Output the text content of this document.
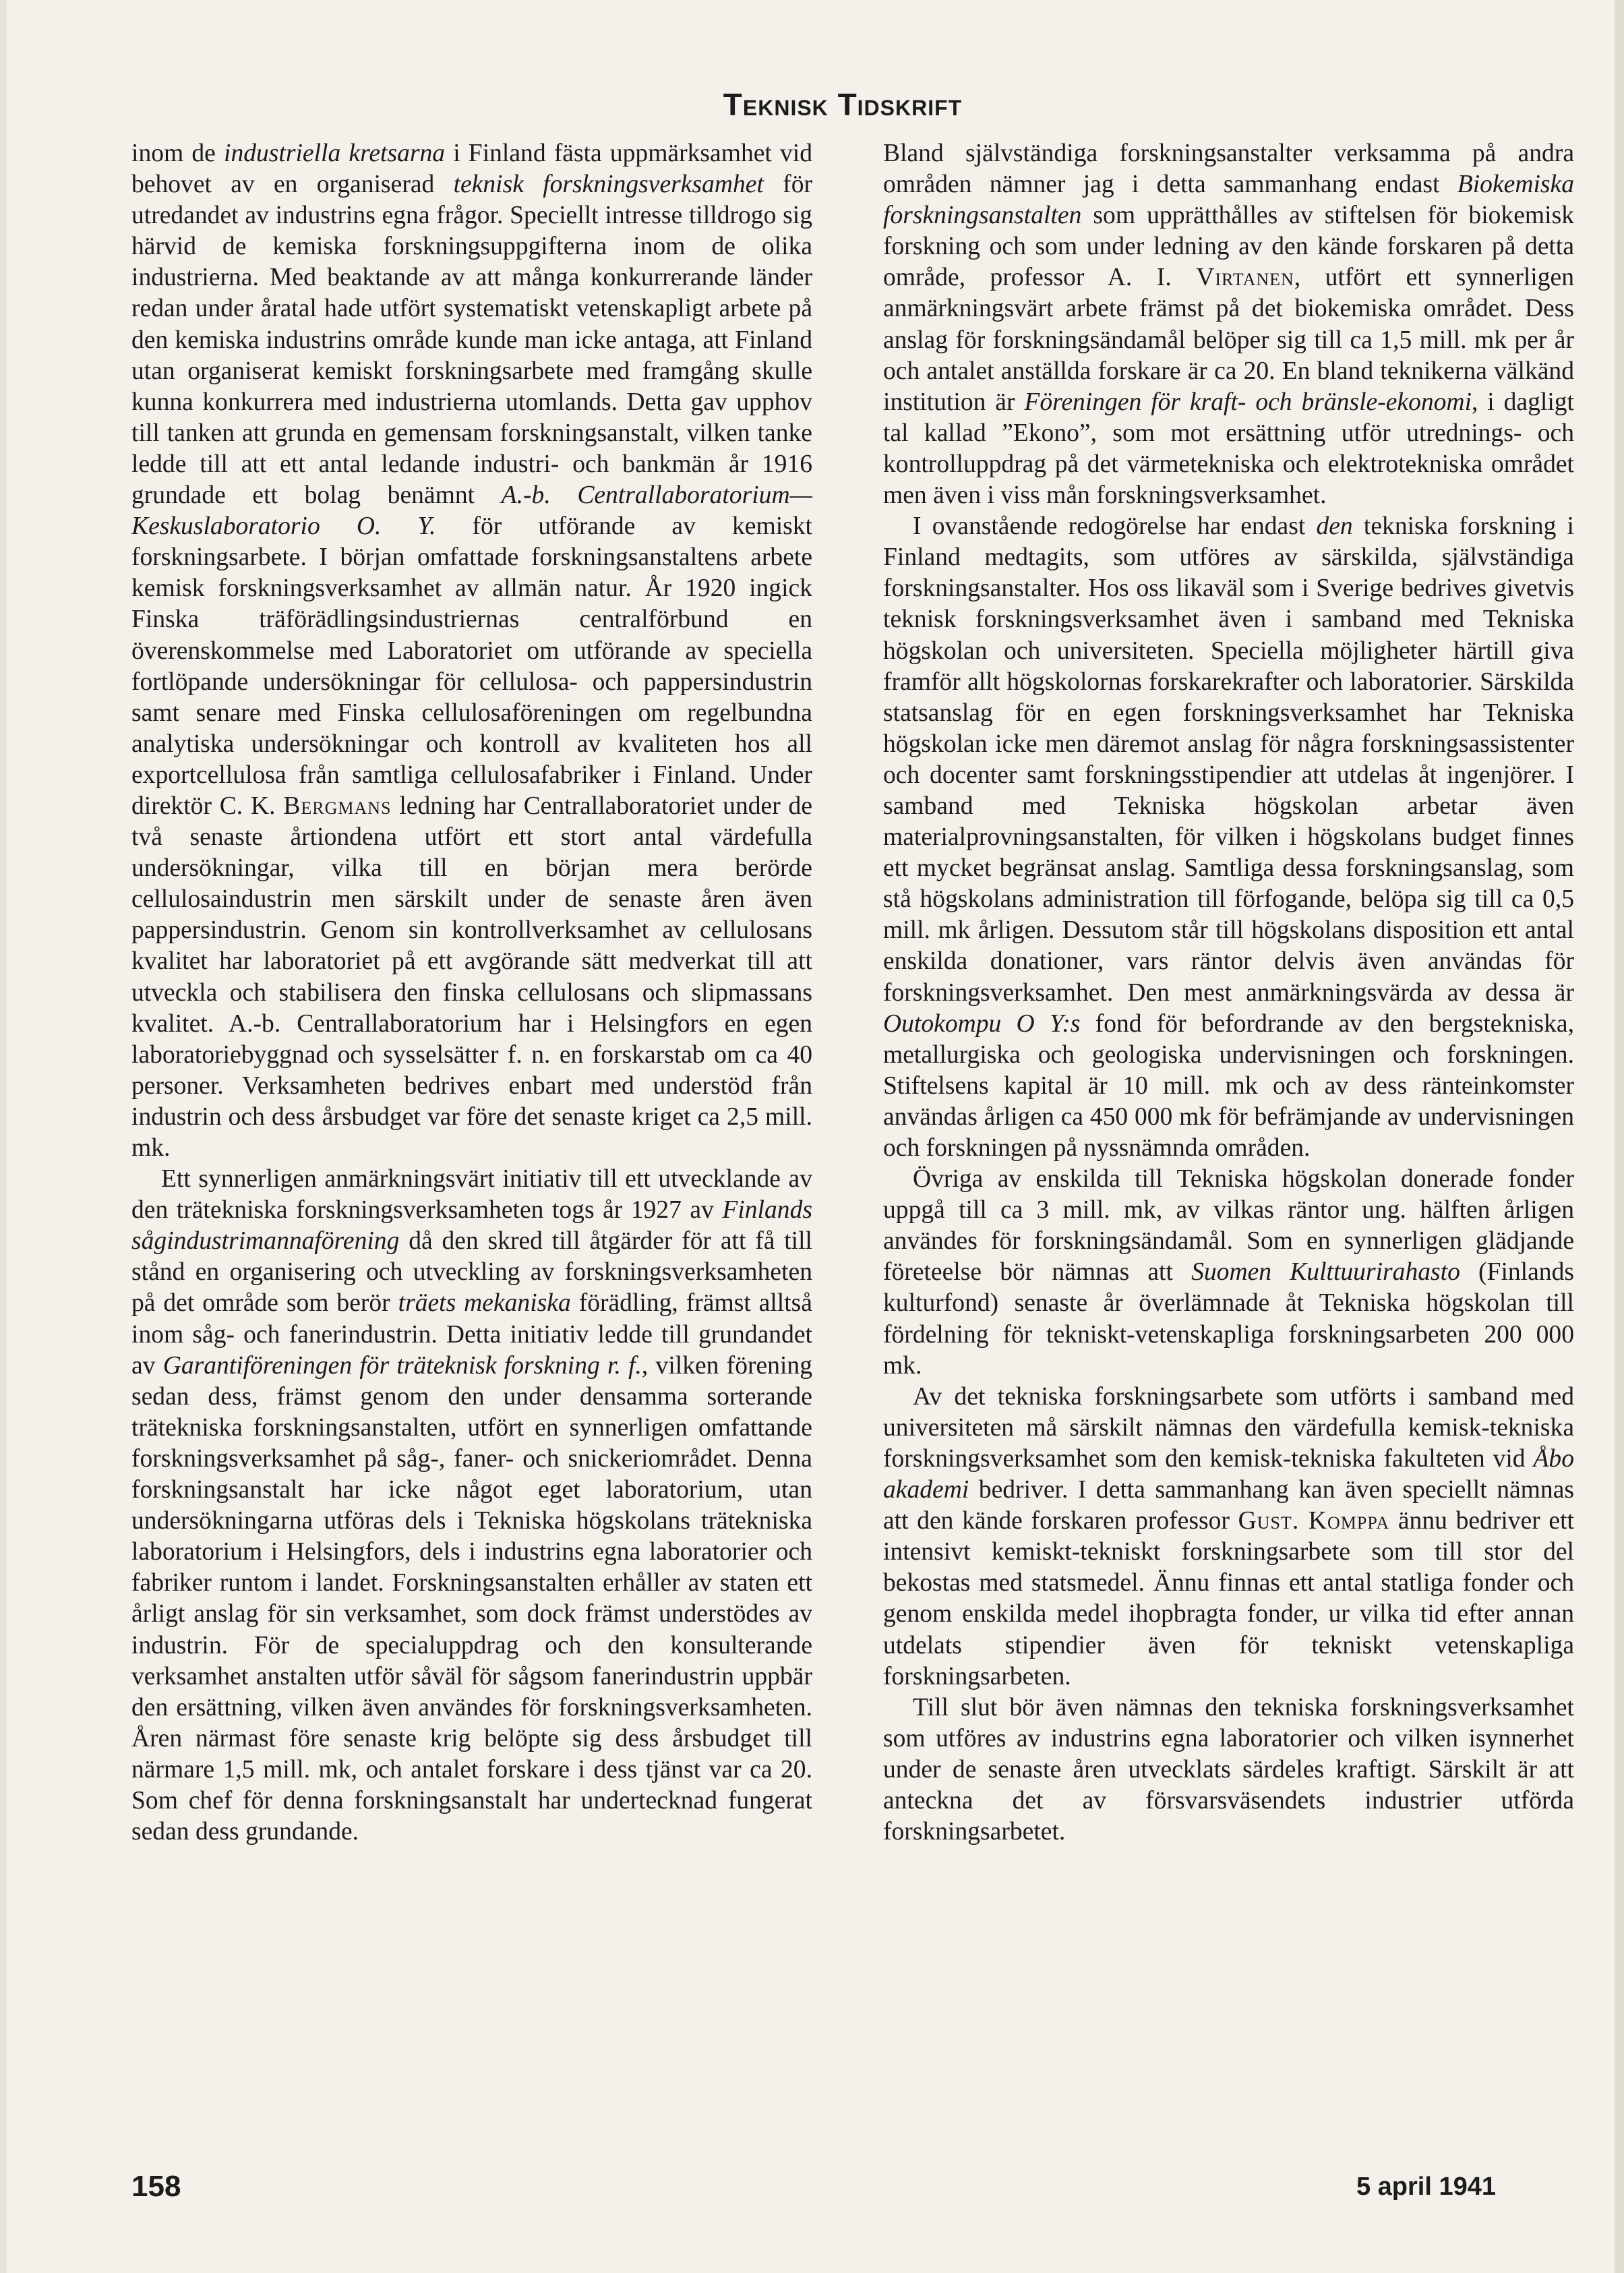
Teknisk Tidskrift

inom de industriella kretsarna i Finland fästa uppmärksamhet vid behovet av en organiserad teknisk forskningsverksamhet för utredandet av industrins egna frågor. Speciellt intresse tilldrogo sig härvid de kemiska forskningsuppgifterna inom de olika industrierna. Med beaktande av att många konkurrerande länder redan under åratal hade utfört systematiskt vetenskapligt arbete på den kemiska industrins område kunde man icke antaga, att Finland utan organiserat kemiskt forskningsarbete med framgång skulle kunna konkurrera med industrierna utomlands. Detta gav upphov till tanken att grunda en gemensam forskningsanstalt, vilken tanke ledde till att ett antal ledande industri- och bankmän år 1916 grundade ett bolag benämnt A.-b. Centrallaboratorium—Keskuslaboratorio O. Y. för utförande av kemiskt forskningsarbete. I början omfattade forskningsanstaltens arbete kemisk forskningsverksamhet av allmän natur. År 1920 ingick Finska träförädlingsindustriernas centralförbund en överenskommelse med Laboratoriet om utförande av speciella fortlöpande undersökningar för cellulosa- och pappersindustrin samt senare med Finska cellulosaföreningen om regelbundna analytiska undersökningar och kontroll av kvaliteten hos all exportcellulosa från samtliga cellulosafabriker i Finland. Under direktör C. K. Bergmans ledning har Centrallaboratoriet under de två senaste årtiondena utfört ett stort antal värdefulla undersökningar, vilka till en början mera berörde cellulosaindustrin men särskilt under de senaste åren även pappersindustrin. Genom sin kontrollverksamhet av cellulosans kvalitet har laboratoriet på ett avgörande sätt medverkat till att utveckla och stabilisera den finska cellulosans och slipmassans kvalitet. A.-b. Centrallaboratorium har i Helsingfors en egen laboratoriebyggnad och sysselsätter f. n. en forskarstab om ca 40 personer. Verksamheten bedrives enbart med understöd från industrin och dess årsbudget var före det senaste kriget ca 2,5 mill. mk.

Ett synnerligen anmärkningsvärt initiativ till ett utvecklande av den trätekniska forskningsverksamheten togs år 1927 av Finlands sågindustrimannaförening då den skred till åtgärder för att få till stånd en organisering och utveckling av forskningsverksamheten på det område som berör träets mekaniska förädling, främst alltså inom såg- och fanerindustrin. Detta initiativ ledde till grundandet av Garantiföreningen för träteknisk forskning r. f., vilken förening sedan dess, främst genom den under densamma sorterande trätekniska forskningsanstalten, utfört en synnerligen omfattande forskningsverksamhet på såg-, faner- och snickeriområdet. Denna forskningsanstalt har icke något eget laboratorium, utan undersökningarna utföras dels i Tekniska högskolans trätekniska laboratorium i Helsingfors, dels i industrins egna laboratorier och fabriker runtom i landet. Forskningsanstalten erhåller av staten ett årligt anslag för sin verksamhet, som dock främst understödes av industrin. För de specialuppdrag och den konsulterande verksamhet anstalten utför såväl för sågsom fanerindustrin uppbär den ersättning, vilken även användes för forskningsverksamheten. Åren närmast före senaste krig belöpte sig dess årsbudget till närmare 1,5 mill. mk, och antalet forskare i dess tjänst var ca 20. Som chef för denna forskningsanstalt har undertecknad fungerat sedan dess grundande.

Bland självständiga forskningsanstalter verksamma på andra områden nämner jag i detta sammanhang endast Biokemiska forskningsanstalten som upprätthålles av stiftelsen för biokemisk forskning och som under ledning av den kände forskaren på detta område, professor A. I. Virtanen, utfört ett synnerligen anmärkningsvärt arbete främst på det biokemiska området. Dess anslag för forskningsändamål belöper sig till ca 1,5 mill. mk per år och antalet anställda forskare är ca 20. En bland teknikerna välkänd institution är Föreningen för kraft- och bränsle-ekonomi, i dagligt tal kallad ”Ekono”, som mot ersättning utför utrednings- och kontrolluppdrag på det värmetekniska och elektrotekniska området men även i viss mån forskningsverksamhet.

I ovanstående redogörelse har endast den tekniska forskning i Finland medtagits, som utföres av särskilda, självständiga forskningsanstalter. Hos oss likaväl som i Sverige bedrives givetvis teknisk forskningsverksamhet även i samband med Tekniska högskolan och universiteten. Speciella möjligheter härtill giva framför allt högskolornas forskarekrafter och laboratorier. Särskilda statsanslag för en egen forskningsverksamhet har Tekniska högskolan icke men däremot anslag för några forskningsassistenter och docenter samt forskningsstipendier att utdelas åt ingenjörer. I samband med Tekniska högskolan arbetar även materialprovningsanstalten, för vilken i högskolans budget finnes ett mycket begränsat anslag. Samtliga dessa forskningsanslag, som stå högskolans administration till förfogande, belöpa sig till ca 0,5 mill. mk årligen. Dessutom står till högskolans disposition ett antal enskilda donationer, vars räntor delvis även användas för forskningsverksamhet. Den mest anmärkningsvärda av dessa är Outokompu O Y:s fond för befordrande av den bergstekniska, metallurgiska och geologiska undervisningen och forskningen. Stiftelsens kapital är 10 mill. mk och av dess ränteinkomster användas årligen ca 450 000 mk för befrämjande av undervisningen och forskningen på nyssnämnda områden.

Övriga av enskilda till Tekniska högskolan donerade fonder uppgå till ca 3 mill. mk, av vilkas räntor ung. hälften årligen användes för forskningsändamål. Som en synnerligen glädjande företeelse bör nämnas att Suomen Kulttuurirahasto (Finlands kulturfond) senaste år överlämnade åt Tekniska högskolan till fördelning för tekniskt-vetenskapliga forskningsarbeten 200 000 mk.

Av det tekniska forskningsarbete som utförts i samband med universiteten må särskilt nämnas den värdefulla kemisk-tekniska forskningsverksamhet som den kemisk-tekniska fakulteten vid Åbo akademi bedriver. I detta sammanhang kan även speciellt nämnas att den kände forskaren professor Gust. Komppa ännu bedriver ett intensivt kemiskt-tekniskt forskningsarbete som till stor del bekostas med statsmedel. Ännu finnas ett antal statliga fonder och genom enskilda medel ihopbragta fonder, ur vilka tid efter annan utdelats stipendier även för tekniskt vetenskapliga forskningsarbeten.

Till slut bör även nämnas den tekniska forskningsverksamhet som utföres av industrins egna laboratorier och vilken isynnerhet under de senaste åren utvecklats särdeles kraftigt. Särskilt är att anteckna det av försvarsväsendets industrier utförda forskningsarbetet.

158	5 april 1941
